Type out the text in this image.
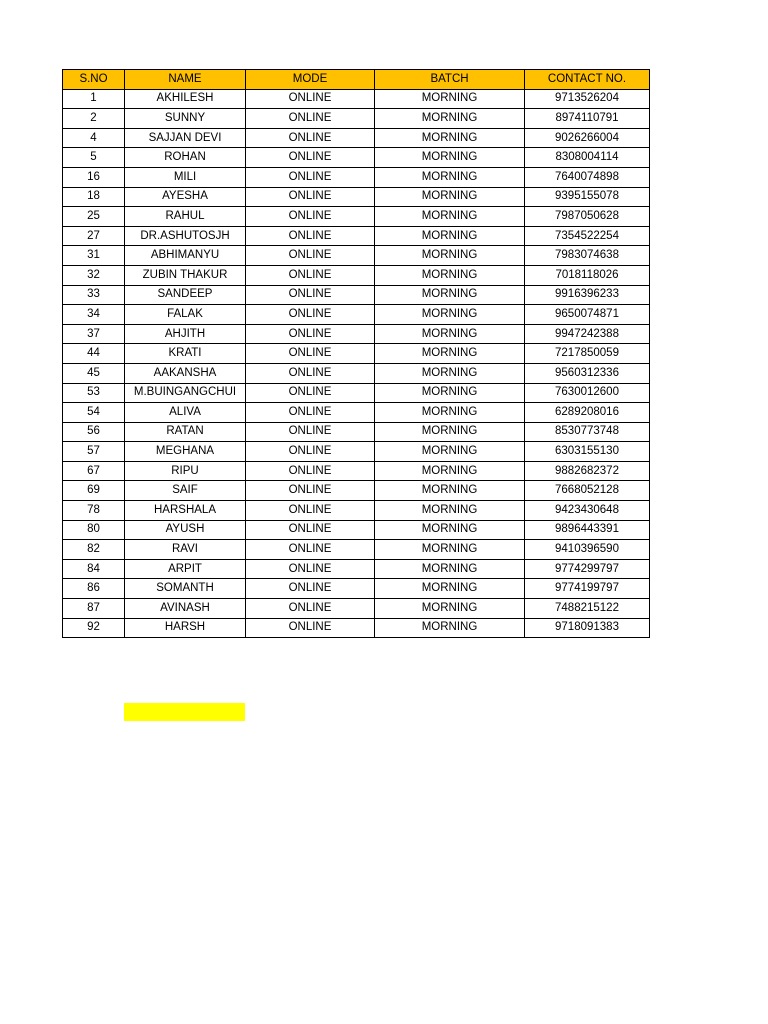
S.NO	NAME	MODE	BATCH	CONTACT NO.
1	AKHILESH	ONLINE	MORNING	9713526204
2	SUNNY	ONLINE	MORNING	8974110791
4	SAJJAN DEVI	ONLINE	MORNING	9026266004
5	ROHAN	ONLINE	MORNING	8308004114
16	MILI	ONLINE	MORNING	7640074898
18	AYESHA	ONLINE	MORNING	9395155078
25	RAHUL	ONLINE	MORNING	7987050628
27	DR.ASHUTOSJH	ONLINE	MORNING	7354522254
31	ABHIMANYU	ONLINE	MORNING	7983074638
32	ZUBIN THAKUR	ONLINE	MORNING	7018118026
33	SANDEEP	ONLINE	MORNING	9916396233
34	FALAK	ONLINE	MORNING	9650074871
37	AHJITH	ONLINE	MORNING	9947242388
44	KRATI	ONLINE	MORNING	7217850059
45	AAKANSHA	ONLINE	MORNING	9560312336
53	M.BUINGANGCHUI	ONLINE	MORNING	7630012600
54	ALIVA	ONLINE	MORNING	6289208016
56	RATAN	ONLINE	MORNING	8530773748
57	MEGHANA	ONLINE	MORNING	6303155130
67	RIPU	ONLINE	MORNING	9882682372
69	SAIF	ONLINE	MORNING	7668052128
78	HARSHALA	ONLINE	MORNING	9423430648
80	AYUSH	ONLINE	MORNING	9896443391
82	RAVI	ONLINE	MORNING	9410396590
84	ARPIT	ONLINE	MORNING	9774299797
86	SOMANTH	ONLINE	MORNING	9774199797
87	AVINASH	ONLINE	MORNING	7488215122
92	HARSH	ONLINE	MORNING	9718091383
